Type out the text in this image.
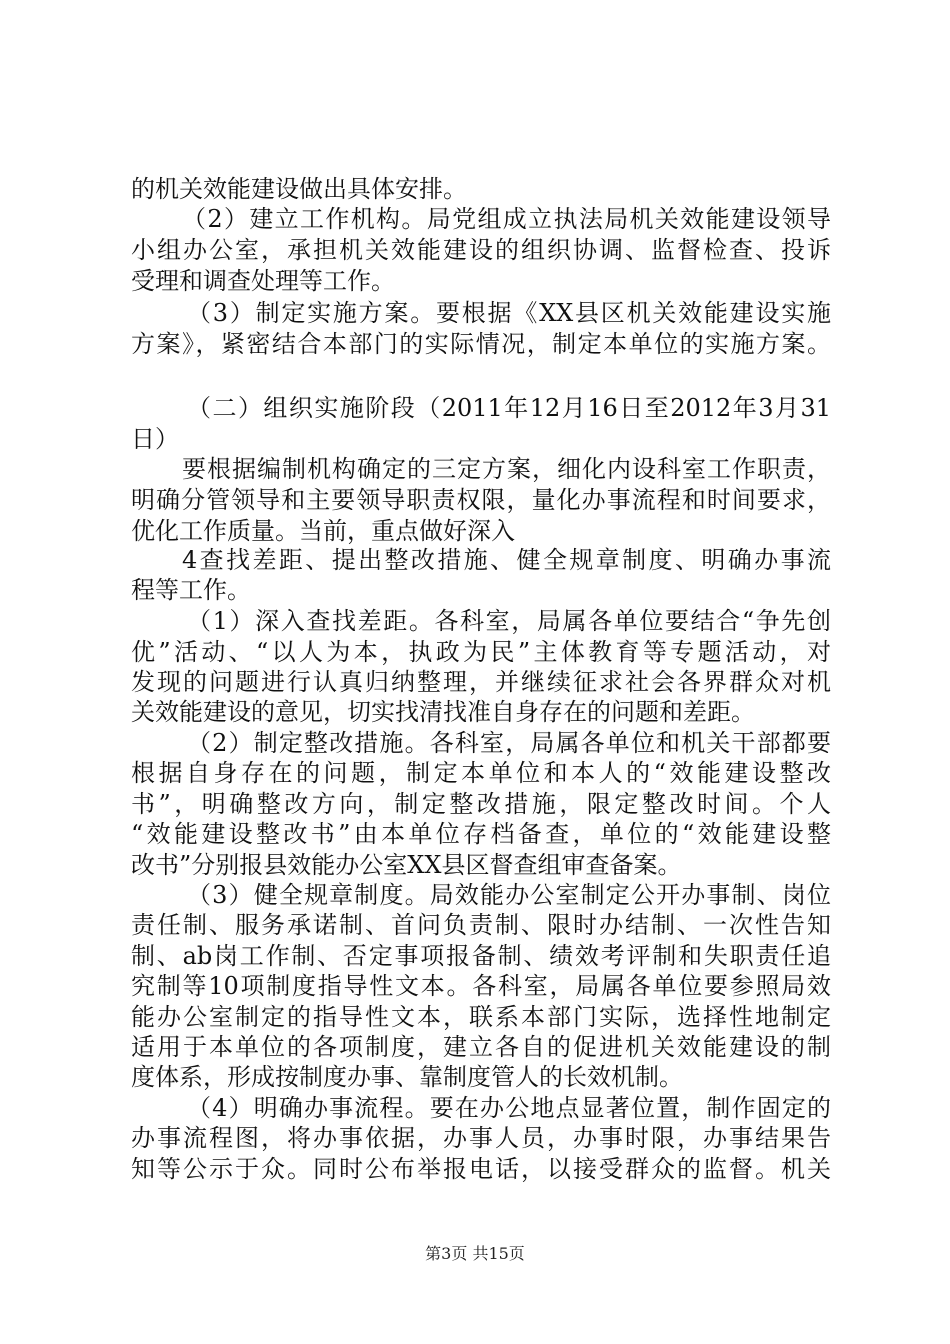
的机关效能建设做出具体安排。
（2）建立工作机构。局党组成立执法局机关效能建设领导
小组办公室，承担机关效能建设的组织协调、监督检查、投诉
受理和调查处理等工作。
（3）制定实施方案。要根据《XX县区机关效能建设实施
方案》，紧密结合本部门的实际情况，制定本单位的实施方案。
（二）组织实施阶段（2011年12月16日至2012年3月31
日）
要根据编制机构确定的三定方案，细化内设科室工作职责，
明确分管领导和主要领导职责权限，量化办事流程和时间要求，
优化工作质量。当前，重点做好深入
4查找差距、提出整改措施、健全规章制度、明确办事流
程等工作。
（1）深入查找差距。各科室，局属各单位要结合“争先创
优”活动、“以人为本，执政为民”主体教育等专题活动，对
发现的问题进行认真归纳整理，并继续征求社会各界群众对机
关效能建设的意见，切实找清找准自身存在的问题和差距。
（2）制定整改措施。各科室，局属各单位和机关干部都要
根据自身存在的问题，制定本单位和本人的“效能建设整改
书”，明确整改方向，制定整改措施，限定整改时间。个人
“效能建设整改书”由本单位存档备查，单位的“效能建设整
改书”分别报县效能办公室XX县区督查组审查备案。
（3）健全规章制度。局效能办公室制定公开办事制、岗位
责任制、服务承诺制、首问负责制、限时办结制、一次性告知
制、ab岗工作制、否定事项报备制、绩效考评制和失职责任追
究制等10项制度指导性文本。各科室，局属各单位要参照局效
能办公室制定的指导性文本，联系本部门实际，选择性地制定
适用于本单位的各项制度，建立各自的促进机关效能建设的制
度体系，形成按制度办事、靠制度管人的长效机制。
（4）明确办事流程。要在办公地点显著位置，制作固定的
办事流程图，将办事依据，办事人员，办事时限，办事结果告
知等公示于众。同时公布举报电话，以接受群众的监督。机关
第3页 共15页
